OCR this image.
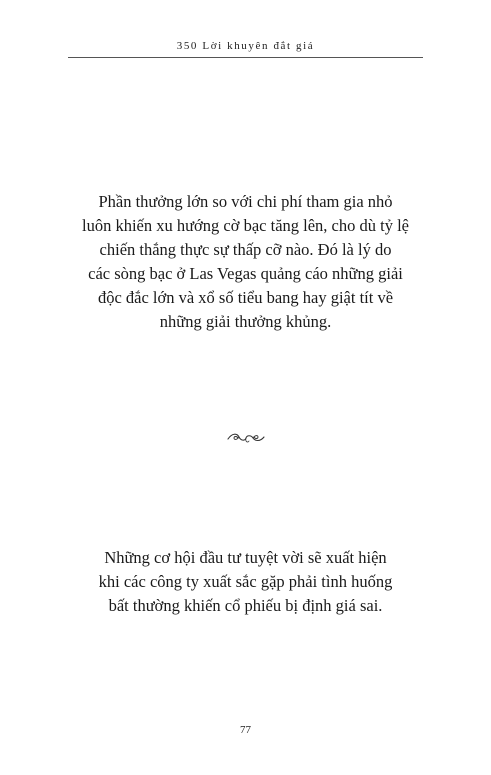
350 Lời khuyên đắt giá

Phần thưởng lớn so với chi phí tham gia nhỏ
luôn khiến xu hướng cờ bạc tăng lên, cho dù tỷ lệ
chiến thắng thực sự thấp cỡ nào. Đó là lý do
các sòng bạc ở Las Vegas quảng cáo những giải
độc đắc lớn và xổ số tiểu bang hay giật tít về
những giải thưởng khủng.

Những cơ hội đầu tư tuyệt vời sẽ xuất hiện
khi các công ty xuất sắc gặp phải tình huống
bất thường khiến cổ phiếu bị định giá sai.

77
